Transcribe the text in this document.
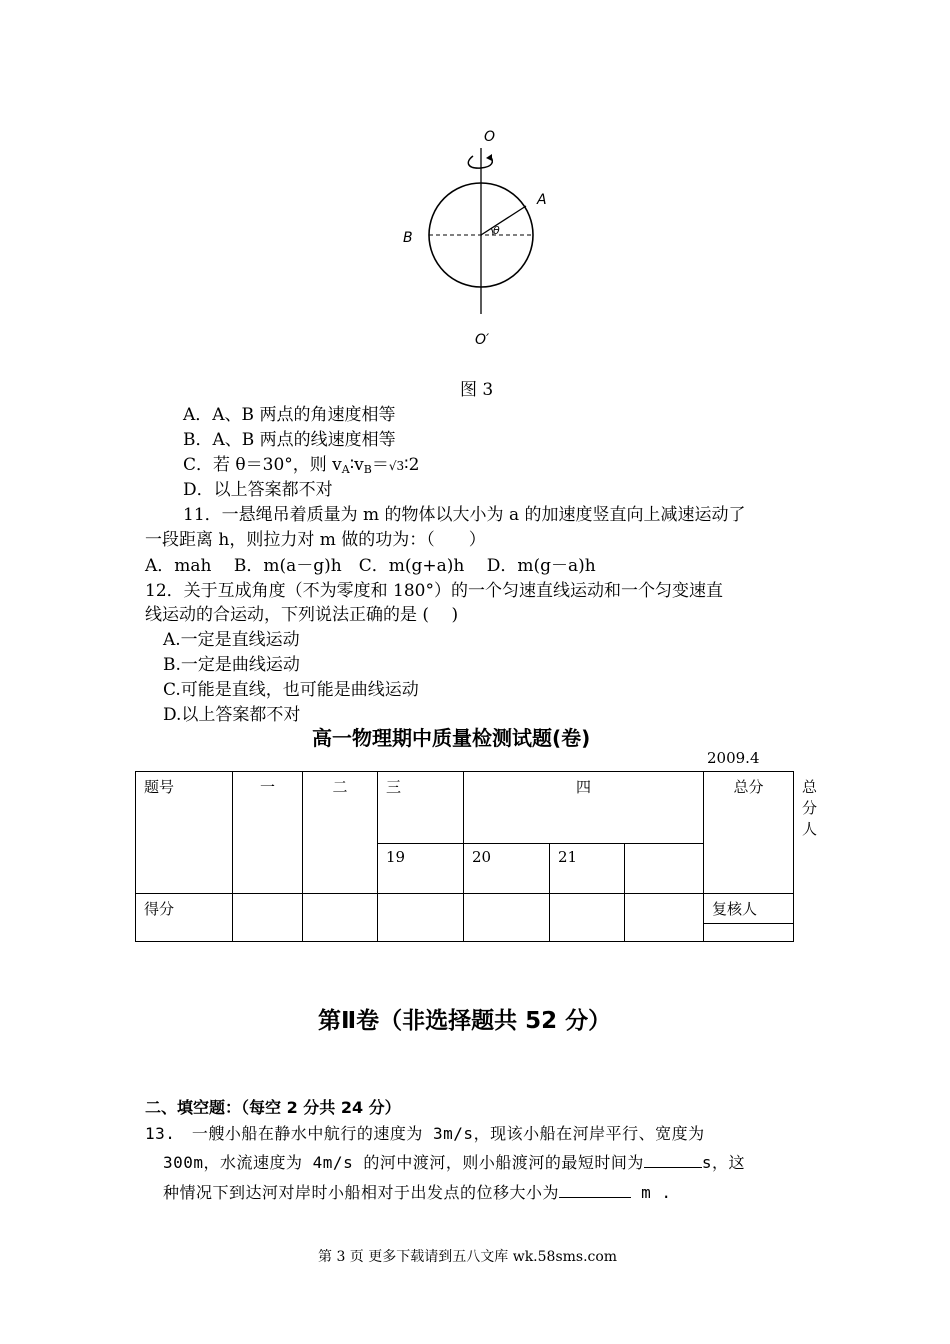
O
O′
A
B	θ
图 3
A．A、B 两点的角速度相等
B．A、B 两点的线速度相等
C．若 θ＝30°，则 $v_A∶v_B=√3∶2$
D．以上答案都不对
11．一悬绳吊着质量为 m 的物体以大小为 a 的加速度竖直向上减速运动了
一段距离 h，则拉力对 m 做的功为：（　　）
A．mah　 B．m(a－g)h　C．m(g+a)h　 D．m(g－a)h
12．关于互成角度（不为零度和 180°）的一个匀速直线运动和一个匀变速直
线运动的合运动，下列说法正确的是 (　 )
A.一定是直线运动
B.一定是曲线运动
C.可能是直线，也可能是曲线运动
D.以上答案都不对
高一物理期中质量检测试题(卷)
2009.4
题号	一	二	三	四			总分	总分人
			19	20	21			
得分							复核人	

第Ⅱ卷（非选择题共 52 分）
二、填空题：（每空 2 分共 24 分）
13.　一艘小船在静水中航行的速度为 3m/s，现该小船在河岸平行、宽度为
300m，水流速度为 4m/s 的河中渡河，则小船渡河的最短时间为	s，这
种情况下到达河对岸时小船相对于出发点的位移大小为	m .
第 3 页 更多下载请到五八文库 wk.58sms.com
